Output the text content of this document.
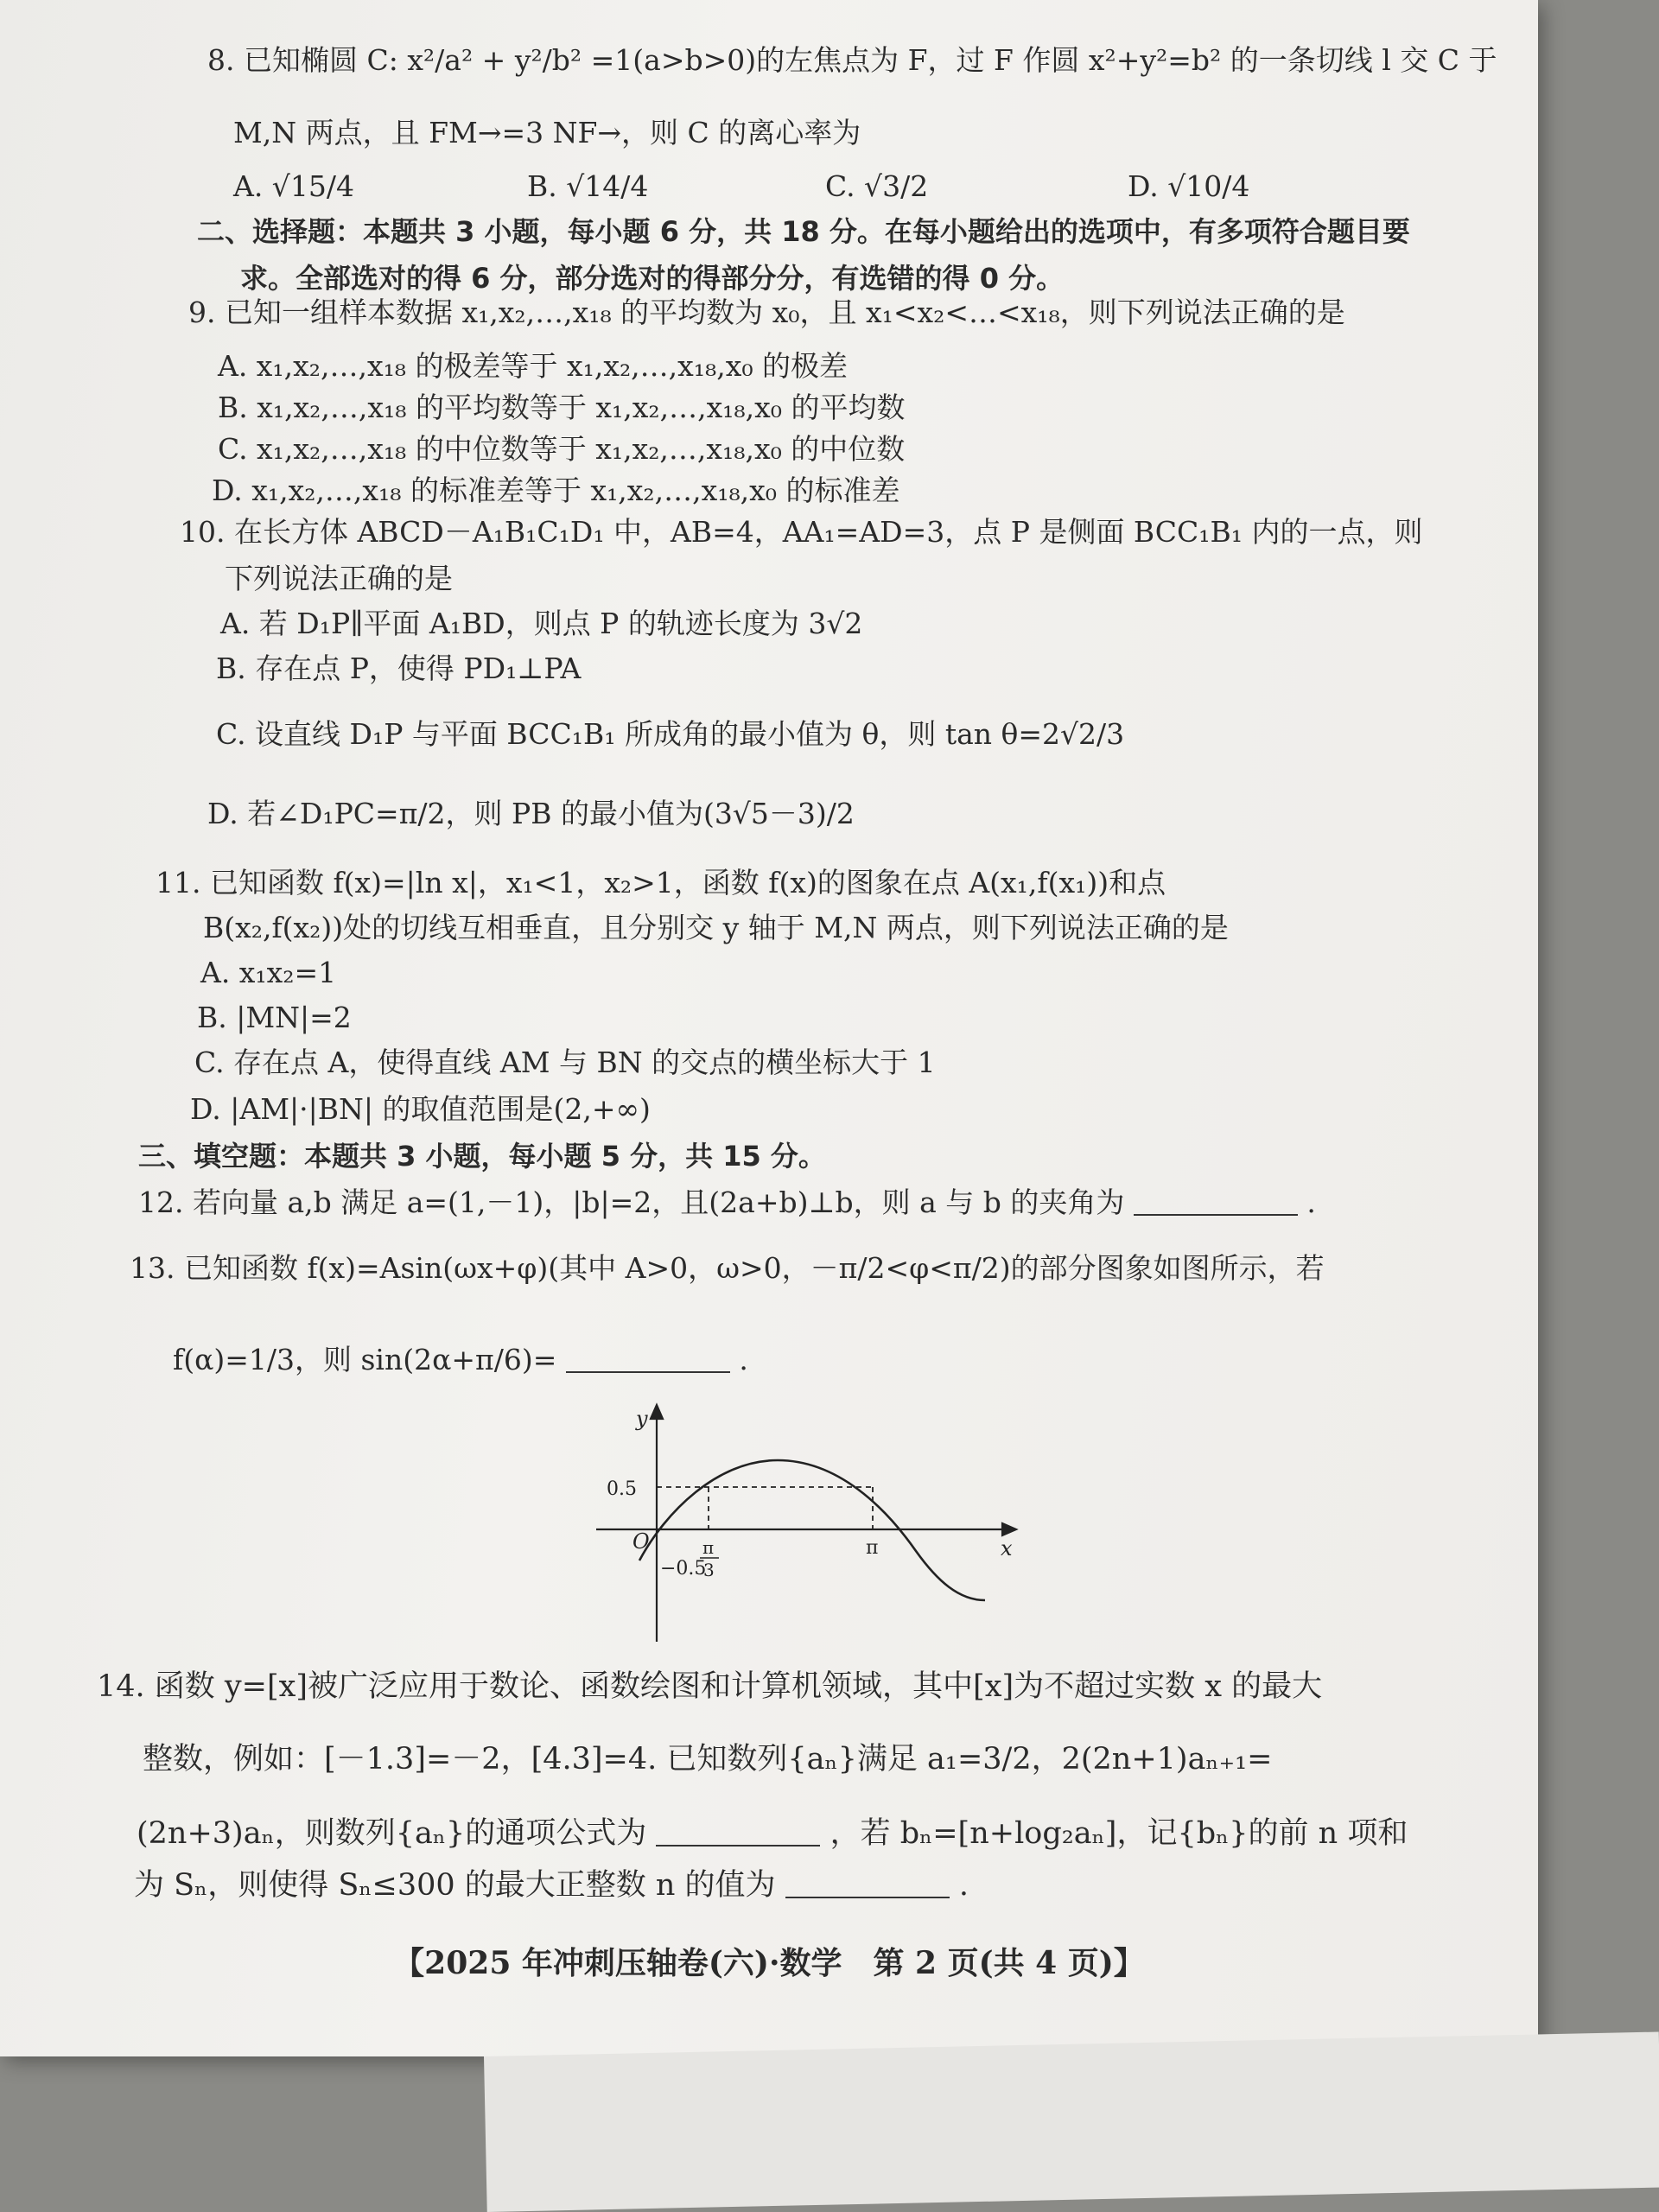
8. 已知椭圆 C: x²/a² + y²/b² =1(a>b>0)的左焦点为 F，过 F 作圆 x²+y²=b² 的一条切线 l 交 C 于
M,N 两点，且 FM→=3 NF→，则 C 的离心率为
A. √15/4	B. √14/4	C. √3/2	D. √10/4
二、选择题：本题共 3 小题，每小题 6 分，共 18 分。在每小题给出的选项中，有多项符合题目要
求。全部选对的得 6 分，部分选对的得部分分，有选错的得 0 分。
9. 已知一组样本数据 x₁,x₂,…,x₁₈ 的平均数为 x₀，且 x₁<x₂<…<x₁₈，则下列说法正确的是
A. x₁,x₂,…,x₁₈ 的极差等于 x₁,x₂,…,x₁₈,x₀ 的极差
B. x₁,x₂,…,x₁₈ 的平均数等于 x₁,x₂,…,x₁₈,x₀ 的平均数
C. x₁,x₂,…,x₁₈ 的中位数等于 x₁,x₂,…,x₁₈,x₀ 的中位数
D. x₁,x₂,…,x₁₈ 的标准差等于 x₁,x₂,…,x₁₈,x₀ 的标准差
10. 在长方体 ABCD－A₁B₁C₁D₁ 中，AB=4，AA₁=AD=3，点 P 是侧面 BCC₁B₁ 内的一点，则
下列说法正确的是
A. 若 D₁P∥平面 A₁BD，则点 P 的轨迹长度为 3√2
B. 存在点 P，使得 PD₁⊥PA
C. 设直线 D₁P 与平面 BCC₁B₁ 所成角的最小值为 θ，则 tan θ=2√2/3
D. 若∠D₁PC=π/2，则 PB 的最小值为(3√5－3)/2
11. 已知函数 f(x)=|ln x|，x₁<1，x₂>1，函数 f(x)的图象在点 A(x₁,f(x₁))和点
B(x₂,f(x₂))处的切线互相垂直，且分别交 y 轴于 M,N 两点，则下列说法正确的是
A. x₁x₂=1
B. |MN|=2
C. 存在点 A，使得直线 AM 与 BN 的交点的横坐标大于 1
D. |AM|·|BN| 的取值范围是(2,+∞)
三、填空题：本题共 3 小题，每小题 5 分，共 15 分。
12. 若向量 a,b 满足 a=(1,－1)，|b|=2，且(2a+b)⊥b，则 a 与 b 的夹角为	.
13. 已知函数 f(x)=Asin(ωx+φ)(其中 A>0，ω>0，－π/2<φ<π/2)的部分图象如图所示，若
f(α)=1/3，则 sin(2α+π/6)=	.
y
x
O
0.5
−0.5
π
3
π
14. 函数 y=[x]被广泛应用于数论、函数绘图和计算机领域，其中[x]为不超过实数 x 的最大
整数，例如：[－1.3]=－2，[4.3]=4. 已知数列{aₙ}满足 a₁=3/2，2(2n+1)aₙ₊₁=
(2n+3)aₙ，则数列{aₙ}的通项公式为	，若 bₙ=[n+log₂aₙ]，记{bₙ}的前 n 项和
为 Sₙ，则使得 Sₙ≤300 的最大正整数 n 的值为	.
【2025 年冲刺压轴卷(六)·数学　第 2 页(共 4 页)】
